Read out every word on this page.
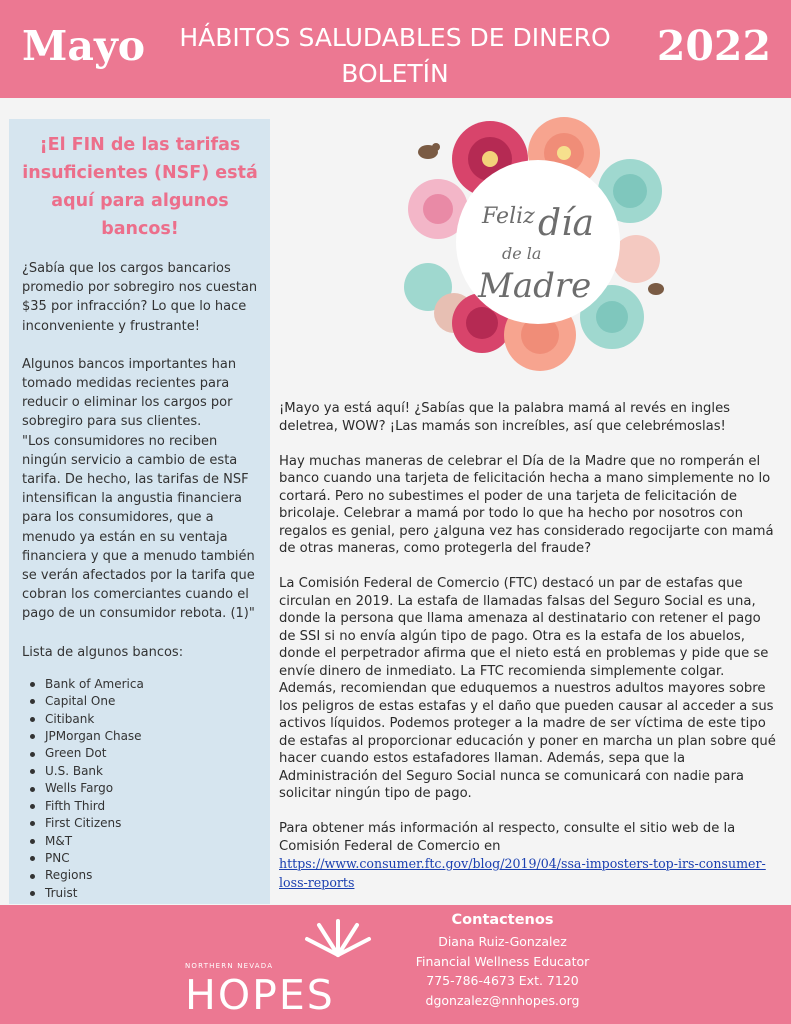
Mayo	HÁBITOS SALUDABLES DE DINERO
BOLETÍN
2022
¡El FIN de las tarifas insuficientes (NSF) está aquí para algunos bancos!

¿Sabía que los cargos bancarios promedio por sobregiro nos cuestan $35 por infracción? Lo que lo hace inconveniente y frustrante!

Algunos bancos importantes han tomado medidas recientes para reducir o eliminar los cargos por sobregiro para sus clientes.

"Los consumidores no reciben ningún servicio a cambio de esta tarifa. De hecho, las tarifas de NSF intensifican la angustia financiera para los consumidores, que a menudo ya están en su ventaja financiera y que a menudo también se verán afectados por la tarifa que cobran los comerciantes cuando el pago de un consumidor rebota. (1)"

Lista de algunos bancos:

Bank of America
Capital One
Citibank
JPMorgan Chase
Green Dot
U.S. Bank
Wells Fargo
Fifth Third
First Citizens
M&T
PNC
Regions
Truist
Feliz día
de la
Madre

¡Mayo ya está aquí! ¿Sabías que la palabra mamá al revés en ingles deletrea, WOW? ¡Las mamás son increíbles, así que celebrémoslas!

Hay muchas maneras de celebrar el Día de la Madre que no romperán el banco cuando una tarjeta de felicitación hecha a mano simplemente no lo cortará. Pero no subestimes el poder de una tarjeta de felicitación de bricolaje. Celebrar a mamá por todo lo que ha hecho por nosotros con regalos es genial, pero ¿alguna vez has considerado regocijarte con mamá de otras maneras, como protegerla del fraude?

La Comisión Federal de Comercio (FTC) destacó un par de estafas que circulan en 2019. La estafa de llamadas falsas del Seguro Social es una, donde la persona que llama amenaza al destinatario con retener el pago de SSI si no envía algún tipo de pago. Otra es la estafa de los abuelos, donde el perpetrador afirma que el nieto está en problemas y pide que se envíe dinero de inmediato. La FTC recomienda simplemente colgar. Además, recomiendan que eduquemos a nuestros adultos mayores sobre los peligros de estas estafas y el daño que pueden causar al acceder a sus activos líquidos. Podemos proteger a la madre de ser víctima de este tipo de estafas al proporcionar educación y poner en marcha un plan sobre qué hacer cuando estos estafadores llaman. Además, sepa que la Administración del Seguro Social nunca se comunicará con nadie para solicitar ningún tipo de pago.

Para obtener más información al respecto, consulte el sitio web de la Comisión Federal de Comercio en
https://www.consumer.ftc.gov/blog/2019/04/ssa-imposters-top-irs-consumer-loss-reports

NORTHERN NEVADA
HOPES
Contactenos
Diana Ruiz-Gonzalez
Financial Wellness Educator
775-786-4673 Ext. 7120
dgonzalez@nnhopes.org
